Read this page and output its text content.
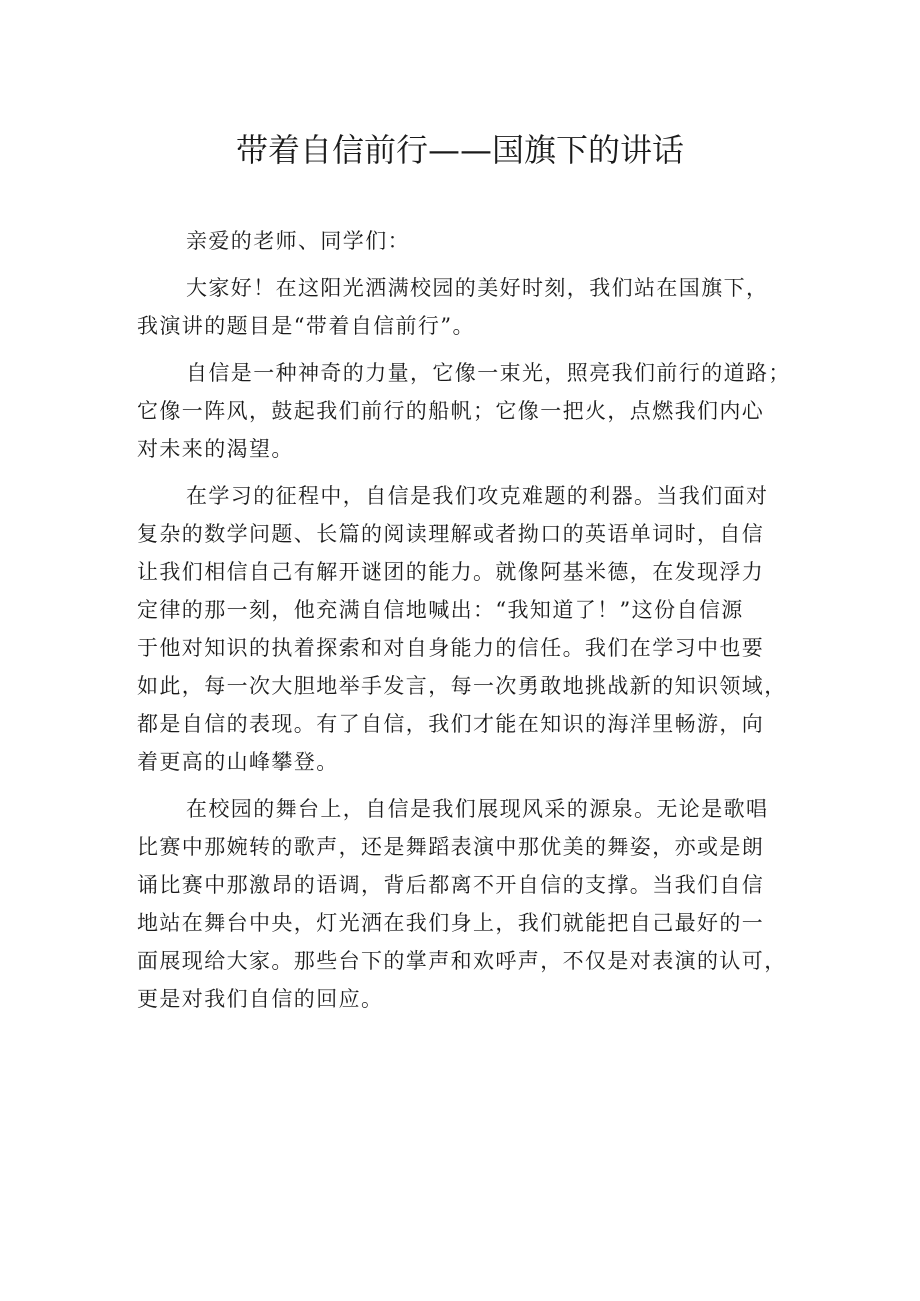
带着自信前行——国旗下的讲话
亲爱的老师、同学们：
大家好！在这阳光洒满校园的美好时刻，我们站在国旗下，
我演讲的题目是“带着自信前行”。
自信是一种神奇的力量，它像一束光，照亮我们前行的道路；
它像一阵风，鼓起我们前行的船帆；它像一把火，点燃我们内心
对未来的渴望。
在学习的征程中，自信是我们攻克难题的利器。当我们面对
复杂的数学问题、长篇的阅读理解或者拗口的英语单词时，自信
让我们相信自己有解开谜团的能力。就像阿基米德，在发现浮力
定律的那一刻，他充满自信地喊出：“我知道了！”这份自信源
于他对知识的执着探索和对自身能力的信任。我们在学习中也要
如此，每一次大胆地举手发言，每一次勇敢地挑战新的知识领域，
都是自信的表现。有了自信，我们才能在知识的海洋里畅游，向
着更高的山峰攀登。
在校园的舞台上，自信是我们展现风采的源泉。无论是歌唱
比赛中那婉转的歌声，还是舞蹈表演中那优美的舞姿，亦或是朗
诵比赛中那激昂的语调，背后都离不开自信的支撑。当我们自信
地站在舞台中央，灯光洒在我们身上，我们就能把自己最好的一
面展现给大家。那些台下的掌声和欢呼声，不仅是对表演的认可，
更是对我们自信的回应。
